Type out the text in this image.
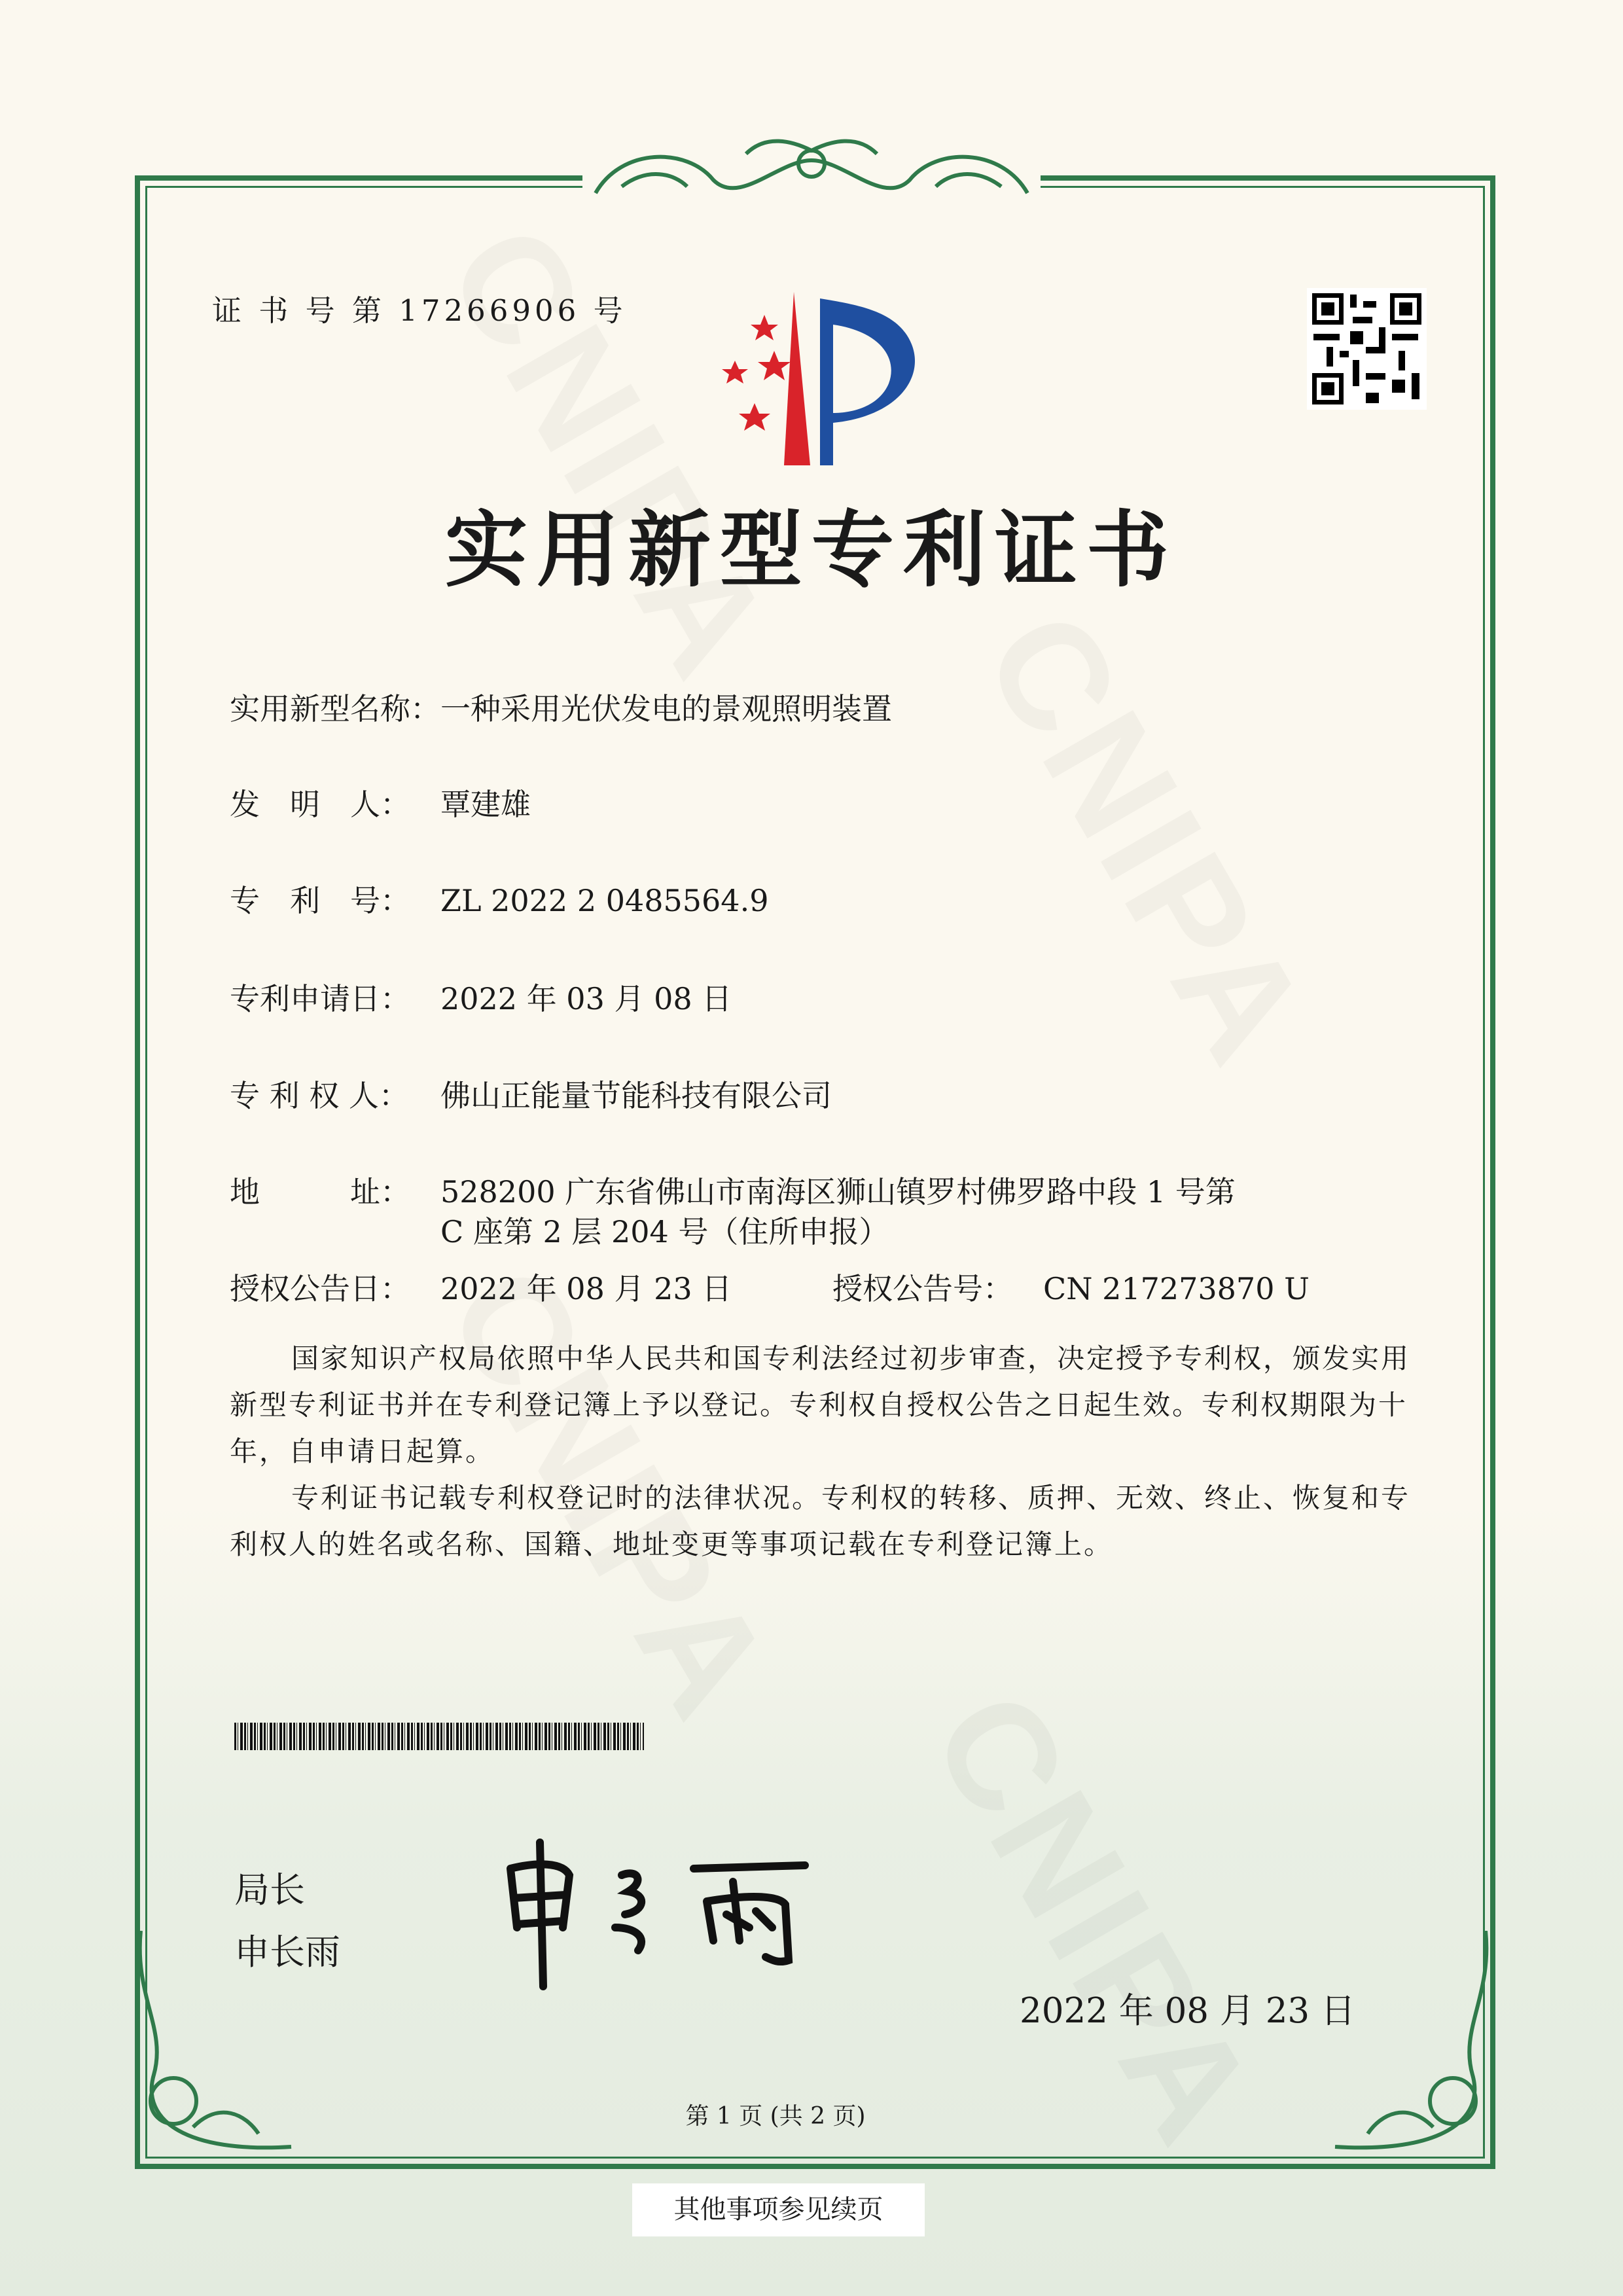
证 书 号 第 17266906 号
实用新型专利证书
实用新型名称：一种采用光伏发电的景观照明装置
发　明　人： 覃建雄
专　利　号： ZL 2022 2 0485564.9
专利申请日： 2022 年 03 月 08 日
专 利 权 人： 佛山正能量节能科技有限公司
地　　　址： 528200 广东省佛山市南海区狮山镇罗村佛罗路中段 1 号第
C 座第 2 层 204 号（住所申报）
授权公告日： 2022 年 08 月 23 日	授权公告号： CN 217273870 U

国家知识产权局依照中华人民共和国专利法经过初步审查，决定授予专利权，颁发实用新型专利证书并在专利登记簿上予以登记。专利权自授权公告之日起生效。专利权期限为十年，自申请日起算。

专利证书记载专利权登记时的法律状况。专利权的转移、质押、无效、终止、恢复和专利权人的姓名或名称、国籍、地址变更等事项记载在专利登记簿上。

局长
申长雨
2022 年 08 月 23 日
第 1 页 (共 2 页)
其他事项参见续页
